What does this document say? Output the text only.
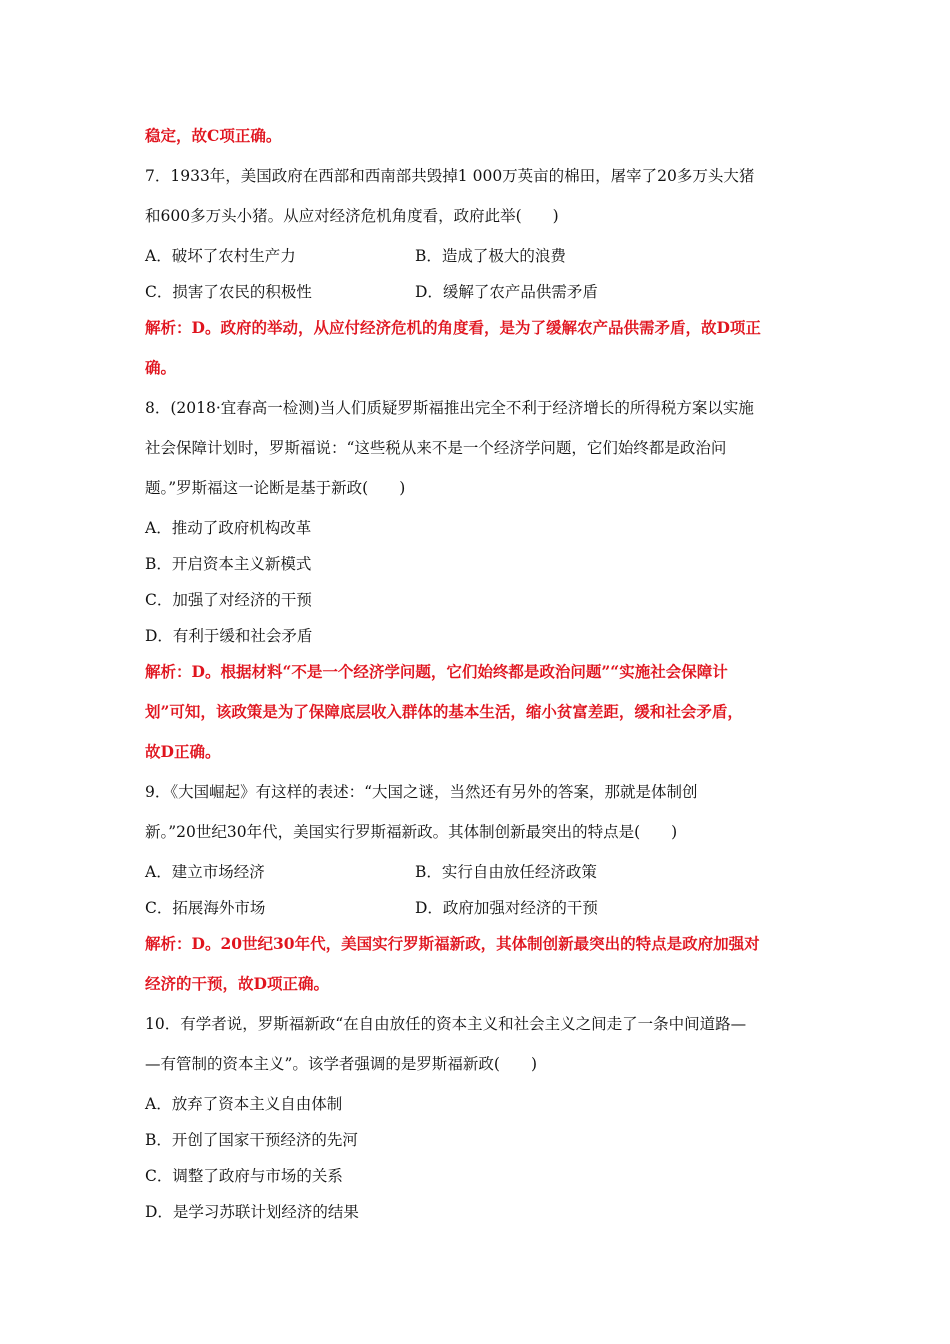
稳定，故C项正确。

7．1933年，美国政府在西部和西南部共毁掉1 000万英亩的棉田，屠宰了20多万头大猪

和600多万头小猪。从应对经济危机角度看，政府此举(　　)

A．破坏了农村生产力	B．造成了极大的浪费
C．损害了农民的积极性	D．缓解了农产品供需矛盾

解析：D。政府的举动，从应付经济危机的角度看，是为了缓解农产品供需矛盾，故D项正

确。

8．(2018·宜春高一检测)当人们质疑罗斯福推出完全不利于经济增长的所得税方案以实施

社会保障计划时，罗斯福说：“这些税从来不是一个经济学问题，它们始终都是政治问

题。”罗斯福这一论断是基于新政(　　)

A．推动了政府机构改革

B．开启资本主义新模式

C．加强了对经济的干预

D．有利于缓和社会矛盾

解析：D。根据材料“不是一个经济学问题，它们始终都是政治问题”“实施社会保障计

划”可知，该政策是为了保障底层收入群体的基本生活，缩小贫富差距，缓和社会矛盾，

故D正确。

9．《大国崛起》有这样的表述：“大国之谜，当然还有另外的答案，那就是体制创

新。”20世纪30年代，美国实行罗斯福新政。其体制创新最突出的特点是(　　)

A．建立市场经济	B．实行自由放任经济政策
C．拓展海外市场	D．政府加强对经济的干预

解析：D。20世纪30年代，美国实行罗斯福新政，其体制创新最突出的特点是政府加强对

经济的干预，故D项正确。

10．有学者说，罗斯福新政“在自由放任的资本主义和社会主义之间走了一条中间道路—

—有管制的资本主义”。该学者强调的是罗斯福新政(　　)

A．放弃了资本主义自由体制

B．开创了国家干预经济的先河

C．调整了政府与市场的关系

D．是学习苏联计划经济的结果
